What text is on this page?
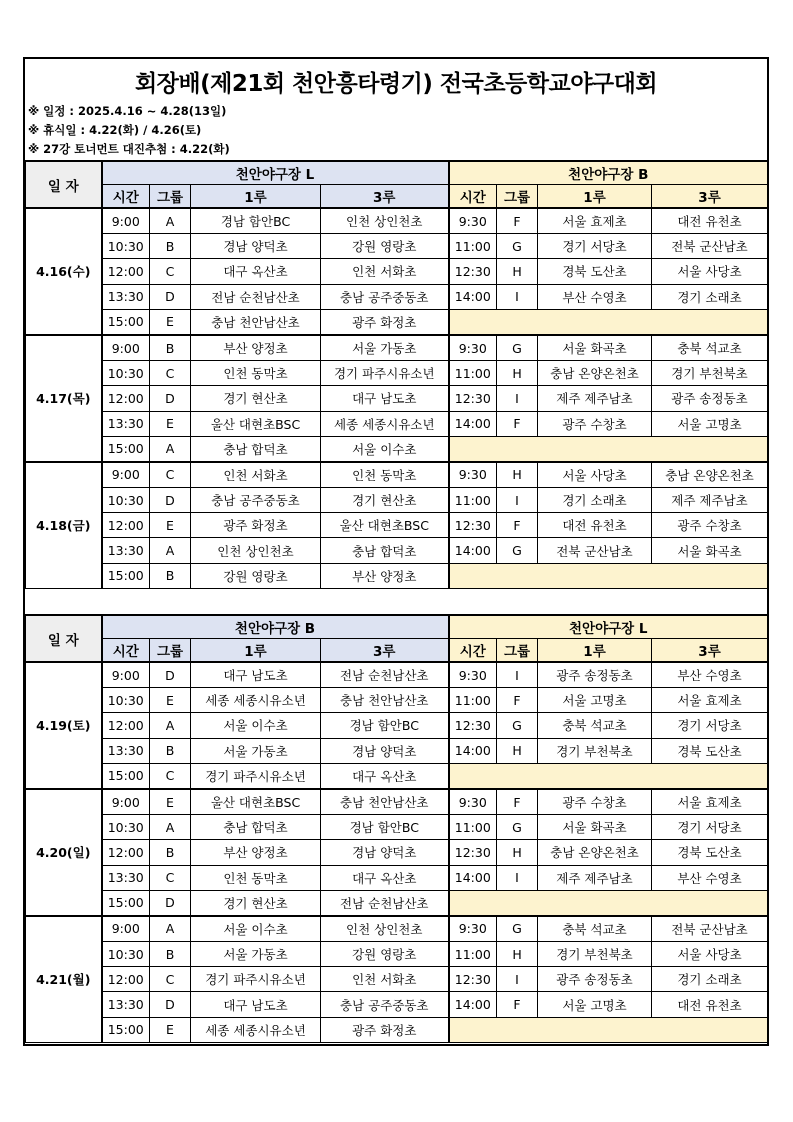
회장배(제21회 천안흥타령기) 전국초등학교야구대회
※ 일정 : 2025.4.16 ~ 4.28(13일)
※ 휴식일 : 4.22(화) / 4.26(토)
※ 27강 토너먼트 대진추첨 : 4.22(화)
일 자	천안야구장 L				천안야구장 B			
	시간	그룹	1루	3루	시간	그룹	1루	3루
4.16(수)	9:00	A	경남 함안BC	인천 상인천초	9:30	F	서울 효제초	대전 유천초
	10:30	B	경남 양덕초	강원 영랑초	11:00	G	경기 서당초	전북 군산남초
	12:00	C	대구 옥산초	인천 서화초	12:30	H	경북 도산초	서울 사당초
	13:30	D	전남 순천남산초	충남 공주중동초	14:00	I	부산 수영초	경기 소래초
	15:00	E	충남 천안남산초	광주 화정초				
4.17(목)	9:00	B	부산 양정초	서울 가동초	9:30	G	서울 화곡초	충북 석교초
	10:30	C	인천 동막초	경기 파주시유소년	11:00	H	충남 온양온천초	경기 부천북초
	12:00	D	경기 현산초	대구 남도초	12:30	I	제주 제주남초	광주 송정동초
	13:30	E	울산 대현초BSC	세종 세종시유소년	14:00	F	광주 수창초	서울 고명초
	15:00	A	충남 합덕초	서울 이수초				
4.18(금)	9:00	C	인천 서화초	인천 동막초	9:30	H	서울 사당초	충남 온양온천초
	10:30	D	충남 공주중동초	경기 현산초	11:00	I	경기 소래초	제주 제주남초
	12:00	E	광주 화정초	울산 대현초BSC	12:30	F	대전 유천초	광주 수창초
	13:30	A	인천 상인천초	충남 합덕초	14:00	G	전북 군산남초	서울 화곡초
	15:00	B	강원 영랑초	부산 양정초				
일 자	천안야구장 B				천안야구장 L			
	시간	그룹	1루	3루	시간	그룹	1루	3루
4.19(토)	9:00	D	대구 남도초	전남 순천남산초	9:30	I	광주 송정동초	부산 수영초
	10:30	E	세종 세종시유소년	충남 천안남산초	11:00	F	서울 고명초	서울 효제초
	12:00	A	서울 이수초	경남 함안BC	12:30	G	충북 석교초	경기 서당초
	13:30	B	서울 가동초	경남 양덕초	14:00	H	경기 부천북초	경북 도산초
	15:00	C	경기 파주시유소년	대구 옥산초				
4.20(일)	9:00	E	울산 대현초BSC	충남 천안남산초	9:30	F	광주 수창초	서울 효제초
	10:30	A	충남 합덕초	경남 함안BC	11:00	G	서울 화곡초	경기 서당초
	12:00	B	부산 양정초	경남 양덕초	12:30	H	충남 온양온천초	경북 도산초
	13:30	C	인천 동막초	대구 옥산초	14:00	I	제주 제주남초	부산 수영초
	15:00	D	경기 현산초	전남 순천남산초				
4.21(월)	9:00	A	서울 이수초	인천 상인천초	9:30	G	충북 석교초	전북 군산남초
	10:30	B	서울 가동초	강원 영랑초	11:00	H	경기 부천북초	서울 사당초
	12:00	C	경기 파주시유소년	인천 서화초	12:30	I	광주 송정동초	경기 소래초
	13:30	D	대구 남도초	충남 공주중동초	14:00	F	서울 고명초	대전 유천초
	15:00	E	세종 세종시유소년	광주 화정초				
